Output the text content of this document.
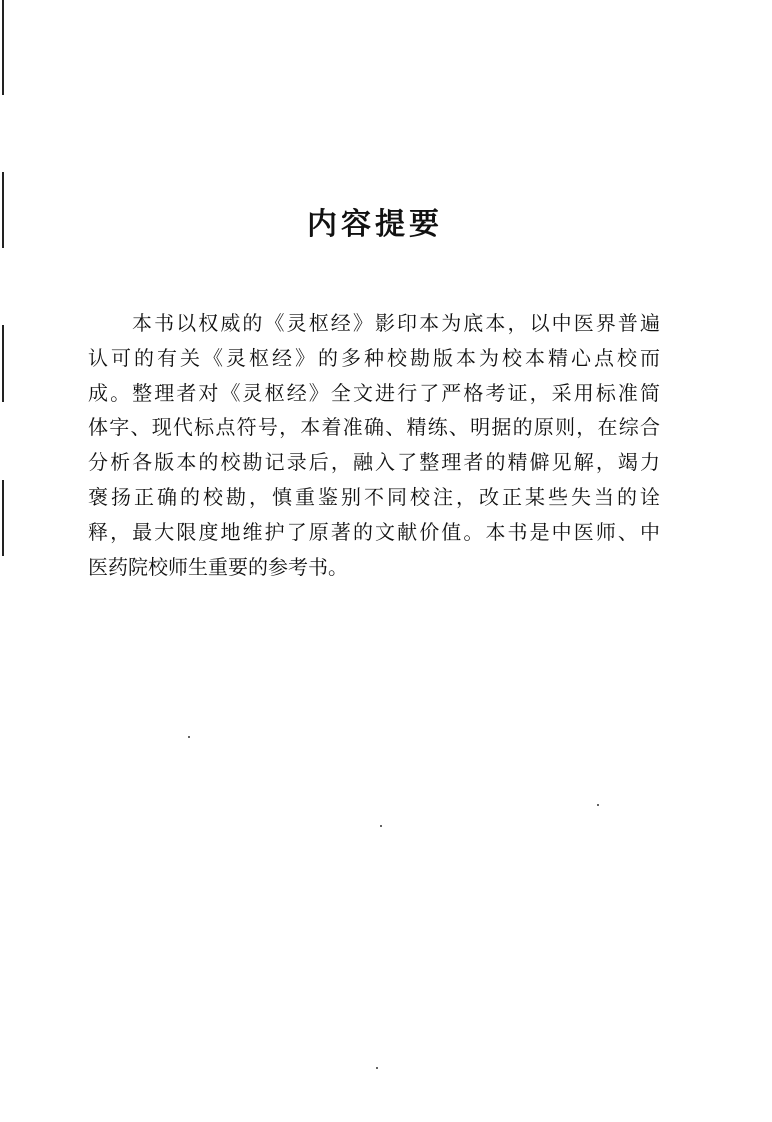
内容提要
本书以权威的《灵枢经》影印本为底本，以中医界普遍
认可的有关《灵枢经》的多种校勘版本为校本精心点校而
成。整理者对《灵枢经》全文进行了严格考证，采用标准简
体字、现代标点符号，本着准确、精练、明据的原则，在综合
分析各版本的校勘记录后，融入了整理者的精僻见解，竭力
褒扬正确的校勘，慎重鉴别不同校注，改正某些失当的诠
释，最大限度地维护了原著的文献价值。本书是中医师、中
医药院校师生重要的参考书。
